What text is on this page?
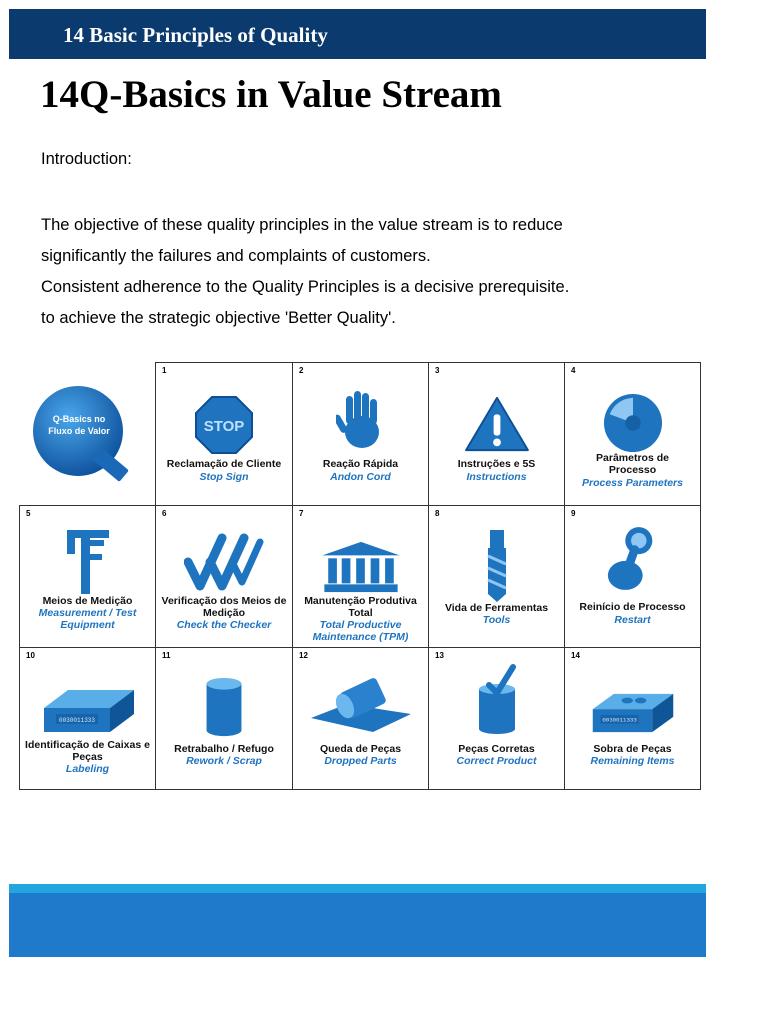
14 Basic Principles of Quality
14Q-Basics in Value Stream
Introduction:

The objective of these quality principles in the value stream is to reduce

significantly the failures and complaints of customers.

Consistent adherence to the Quality Principles is a decisive prerequisite.

to achieve the strategic objective 'Better Quality'.

Q-Basics no
Fluxo de Valor
1
STOP
Reclamação de Cliente
Stop Sign
2
Reação Rápida
Andon Cord
3
Instruções e 5S
Instructions
4
Parâmetros de Processo
Process Parameters
5
Meios de Medição
Measurement / Test Equipment
6
Verificação dos Meios de Medição
Check the Checker
7
Manutenção Produtiva Total
Total Productive Maintenance (TPM)
8
Vida de Ferramentas
Tools
9
Reinício de Processo
Restart
10
0030011333
Identificação de Caixas e Peças
Labeling
11
Retrabalho / Refugo
Rework / Scrap
12
Queda de Peças
Dropped Parts
13
Peças Corretas
Correct Product
14
0030011333
Sobra de Peças
Remaining Items
